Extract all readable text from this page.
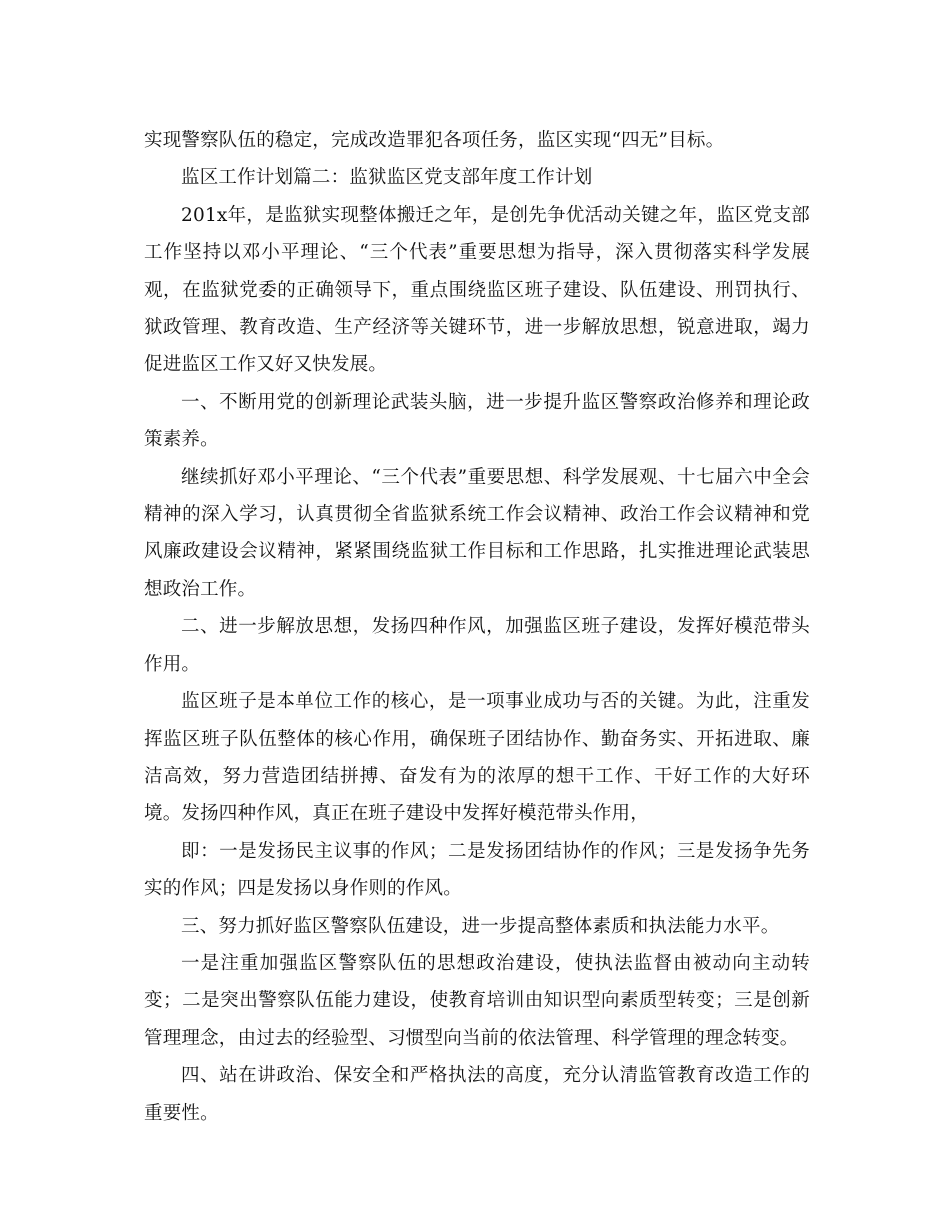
实现警察队伍的稳定，完成改造罪犯各项任务，监区实现“四无”目标。

监区工作计划篇二：监狱监区党支部年度工作计划

201x年，是监狱实现整体搬迁之年，是创先争优活动关键之年，监区党支部工作坚持以邓小平理论、“三个代表”重要思想为指导，深入贯彻落实科学发展观，在监狱党委的正确领导下，重点围绕监区班子建设、队伍建设、刑罚执行、狱政管理、教育改造、生产经济等关键环节，进一步解放思想，锐意进取，竭力促进监区工作又好又快发展。

一、不断用党的创新理论武装头脑，进一步提升监区警察政治修养和理论政策素养。

继续抓好邓小平理论、“三个代表”重要思想、科学发展观、十七届六中全会精神的深入学习，认真贯彻全省监狱系统工作会议精神、政治工作会议精神和党风廉政建设会议精神，紧紧围绕监狱工作目标和工作思路，扎实推进理论武装思想政治工作。

二、进一步解放思想，发扬四种作风，加强监区班子建设，发挥好模范带头作用。

监区班子是本单位工作的核心，是一项事业成功与否的关键。为此，注重发挥监区班子队伍整体的核心作用，确保班子团结协作、勤奋务实、开拓进取、廉洁高效，努力营造团结拼搏、奋发有为的浓厚的想干工作、干好工作的大好环境。发扬四种作风，真正在班子建设中发挥好模范带头作用，

即：一是发扬民主议事的作风；二是发扬团结协作的作风；三是发扬争先务实的作风；四是发扬以身作则的作风。

三、努力抓好监区警察队伍建设，进一步提高整体素质和执法能力水平。

一是注重加强监区警察队伍的思想政治建设，使执法监督由被动向主动转变；二是突出警察队伍能力建设，使教育培训由知识型向素质型转变；三是创新管理理念，由过去的经验型、习惯型向当前的依法管理、科学管理的理念转变。

四、站在讲政治、保安全和严格执法的高度，充分认清监管教育改造工作的重要性。
